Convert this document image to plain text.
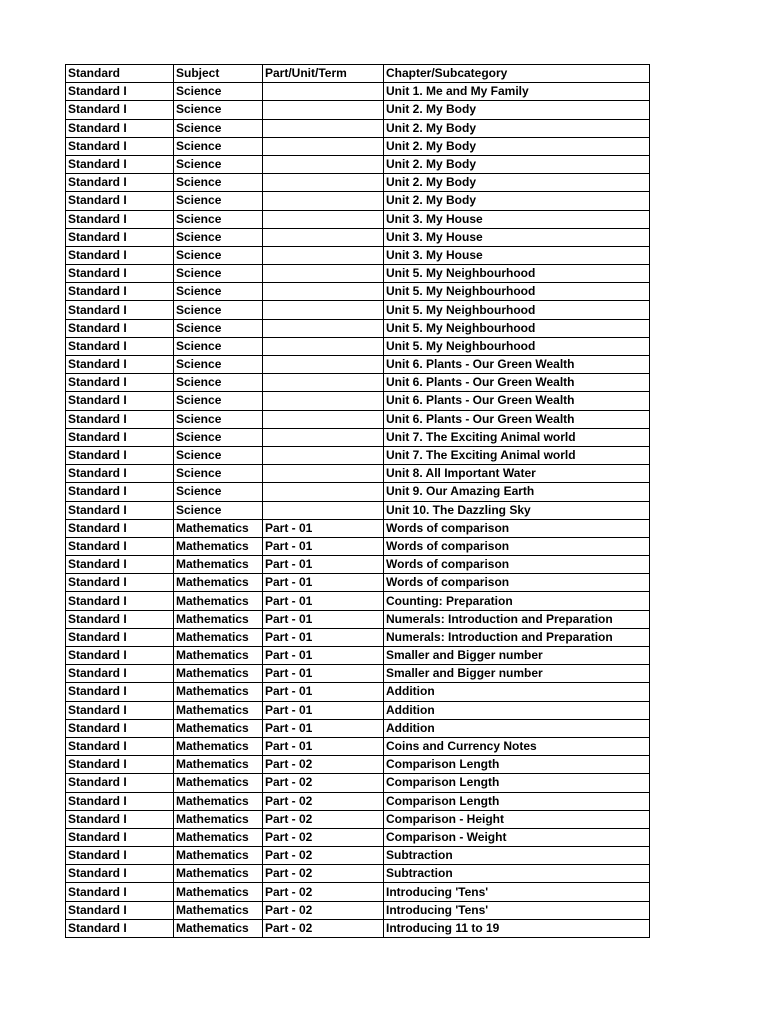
Standard	Subject	Part/Unit/Term	Chapter/Subcategory
Standard I	Science		Unit 1. Me and My Family
Standard I	Science		Unit 2. My Body
Standard I	Science		Unit 2. My Body
Standard I	Science		Unit 2. My Body
Standard I	Science		Unit 2. My Body
Standard I	Science		Unit 2. My Body
Standard I	Science		Unit 2. My Body
Standard I	Science		Unit 3. My House
Standard I	Science		Unit 3. My House
Standard I	Science		Unit 3. My House
Standard I	Science		Unit 5. My Neighbourhood
Standard I	Science		Unit 5. My Neighbourhood
Standard I	Science		Unit 5. My Neighbourhood
Standard I	Science		Unit 5. My Neighbourhood
Standard I	Science		Unit 5. My Neighbourhood
Standard I	Science		Unit 6. Plants - Our Green Wealth
Standard I	Science		Unit 6. Plants - Our Green Wealth
Standard I	Science		Unit 6. Plants - Our Green Wealth
Standard I	Science		Unit 6. Plants - Our Green Wealth
Standard I	Science		Unit 7. The Exciting Animal world
Standard I	Science		Unit 7. The Exciting Animal world
Standard I	Science		Unit 8. All Important Water
Standard I	Science		Unit 9. Our Amazing Earth
Standard I	Science		Unit 10. The Dazzling Sky
Standard I	Mathematics	Part - 01	Words of comparison
Standard I	Mathematics	Part - 01	Words of comparison
Standard I	Mathematics	Part - 01	Words of comparison
Standard I	Mathematics	Part - 01	Words of comparison
Standard I	Mathematics	Part - 01	Counting: Preparation
Standard I	Mathematics	Part - 01	Numerals: Introduction and Preparation
Standard I	Mathematics	Part - 01	Numerals: Introduction and Preparation
Standard I	Mathematics	Part - 01	Smaller and Bigger number
Standard I	Mathematics	Part - 01	Smaller and Bigger number
Standard I	Mathematics	Part - 01	Addition
Standard I	Mathematics	Part - 01	Addition
Standard I	Mathematics	Part - 01	Addition
Standard I	Mathematics	Part - 01	Coins and Currency Notes
Standard I	Mathematics	Part - 02	Comparison Length
Standard I	Mathematics	Part - 02	Comparison Length
Standard I	Mathematics	Part - 02	Comparison Length
Standard I	Mathematics	Part - 02	Comparison - Height
Standard I	Mathematics	Part - 02	Comparison - Weight
Standard I	Mathematics	Part - 02	Subtraction
Standard I	Mathematics	Part - 02	Subtraction
Standard I	Mathematics	Part - 02	Introducing 'Tens'
Standard I	Mathematics	Part - 02	Introducing 'Tens'
Standard I	Mathematics	Part - 02	Introducing 11 to 19
